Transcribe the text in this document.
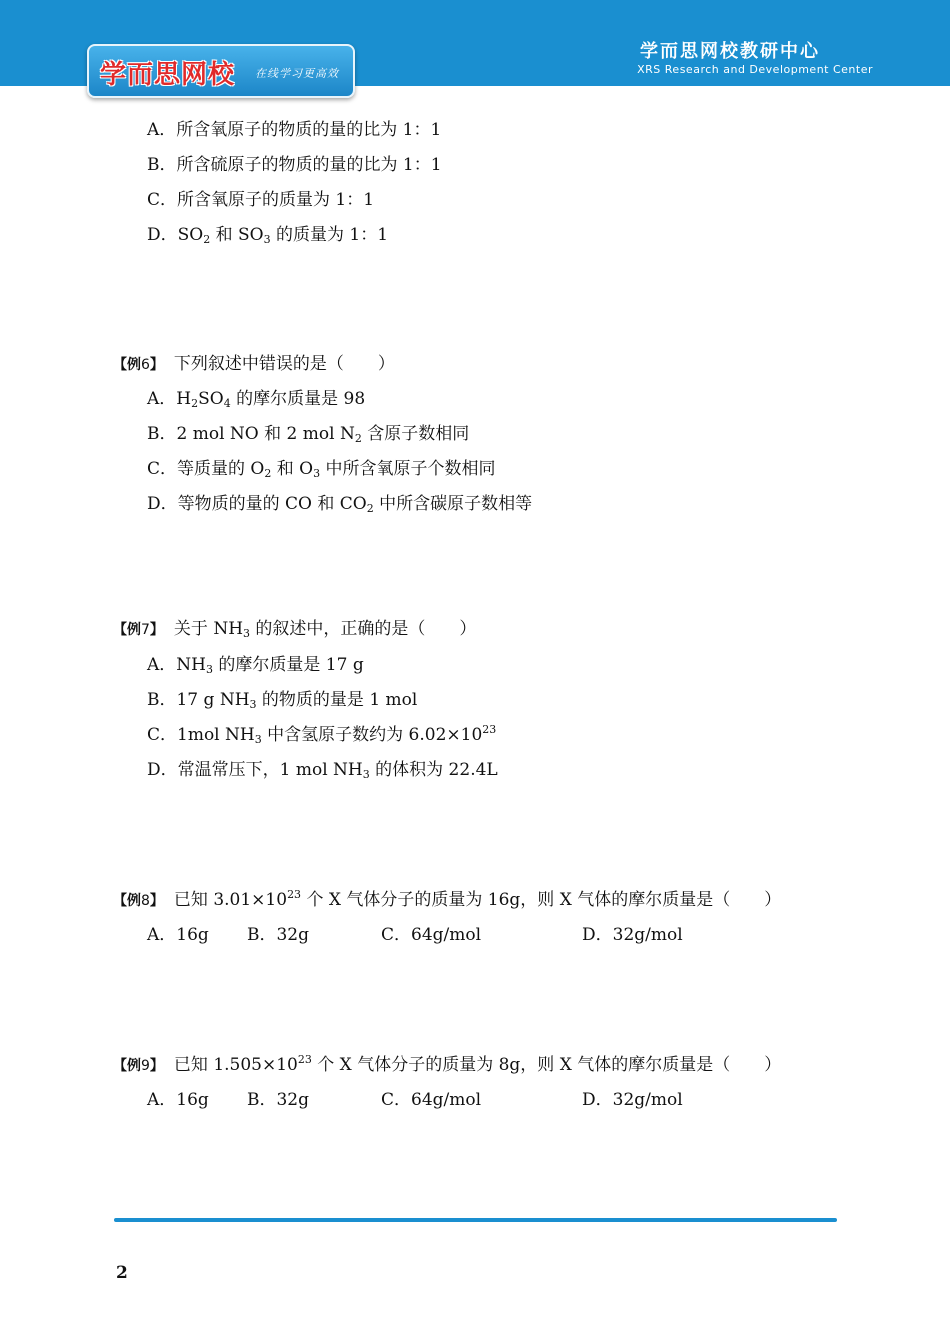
学而思网校 在线学习更高效
学而思网校教研中心
XRS Research and Development Center
A．所含氧原子的物质的量的比为 1：1
B．所含硫原子的物质的量的比为 1：1
C．所含氧原子的质量为 1：1
D．$SO_2$ 和 $SO_3$ 的质量为 1：1
【例6】　 下列叙述中错误的是（　　）
A．$H_2SO_4$ 的摩尔质量是 98
B．2 mol NO 和 2 mol $N_2$ 含原子数相同
C．等质量的 $O_2$ 和 $O_3$ 中所含氧原子个数相同
D．等物质的量的 CO 和 $CO_2$ 中所含碳原子数相等
【例7】　 关于 $NH_3$ 的叙述中，正确的是（　　）
A．$NH_3$ 的摩尔质量是 17 g
B．17 g $NH_3$ 的物质的量是 1 mol
C．1mol $NH_3$ 中含氢原子数约为 $6.02\times 10^{23}$
D．常温常压下，1 mol $NH_3$ 的体积为 22.4L
【例8】　 已知 $3.01\times 10^{23}$ 个 X 气体分子的质量为 16g，则 X 气体的摩尔质量是（　　）
A．16g B．32g	C．64g/mol	D．32g/mol
【例9】　 已知 $1.505\times 10^{23}$ 个 X 气体分子的质量为 8g，则 X 气体的摩尔质量是（　　）
A．16g B．32g	C．64g/mol	D．32g/mol
2
